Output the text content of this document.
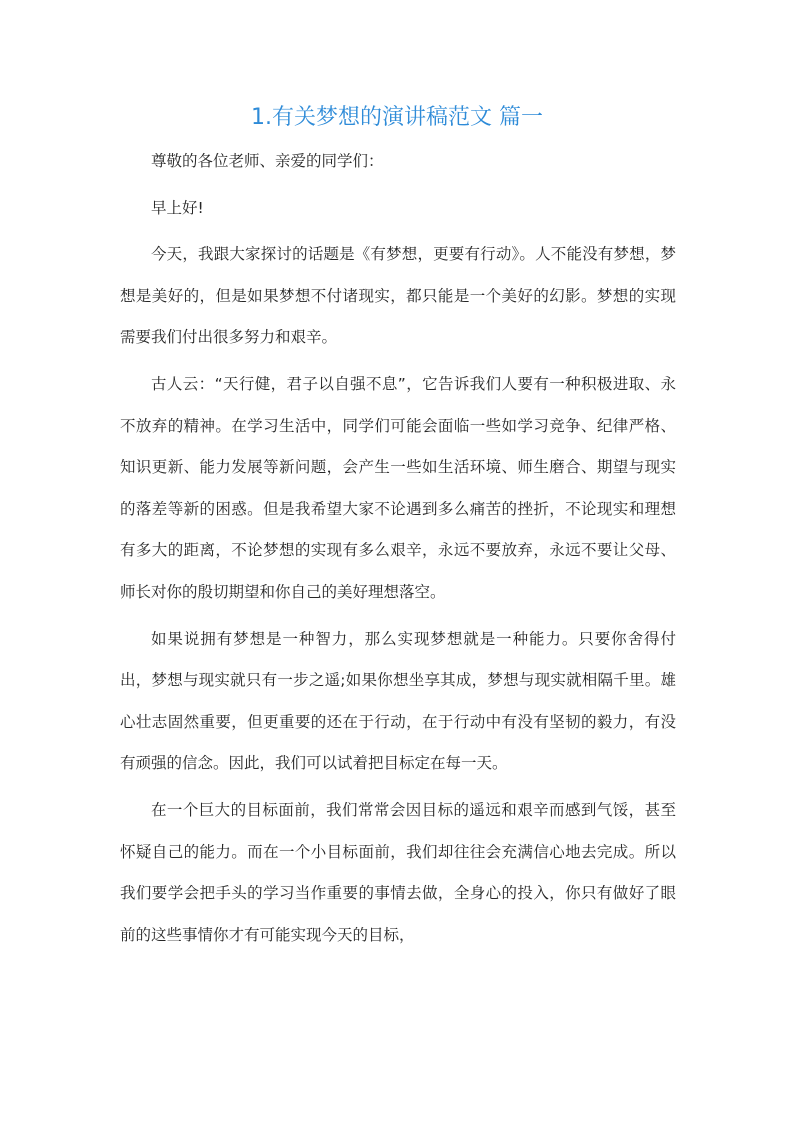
1.有关梦想的演讲稿范文 篇一

尊敬的各位老师、亲爱的同学们：

早上好!

今天，我跟大家探讨的话题是《有梦想，更要有行动》。人不能没有梦想，梦想是美好的，但是如果梦想不付诸现实，都只能是一个美好的幻影。梦想的实现需要我们付出很多努力和艰辛。

古人云：“天行健，君子以自强不息”，它告诉我们人要有一种积极进取、永不放弃的精神。在学习生活中，同学们可能会面临一些如学习竞争、纪律严格、知识更新、能力发展等新问题，会产生一些如生活环境、师生磨合、期望与现实的落差等新的困惑。但是我希望大家不论遇到多么痛苦的挫折，不论现实和理想有多大的距离，不论梦想的实现有多么艰辛，永远不要放弃，永远不要让父母、师长对你的殷切期望和你自己的美好理想落空。

如果说拥有梦想是一种智力，那么实现梦想就是一种能力。只要你舍得付出，梦想与现实就只有一步之遥;如果你想坐享其成，梦想与现实就相隔千里。雄心壮志固然重要，但更重要的还在于行动，在于行动中有没有坚韧的毅力，有没有顽强的信念。因此，我们可以试着把目标定在每一天。

在一个巨大的目标面前，我们常常会因目标的遥远和艰辛而感到气馁，甚至怀疑自己的能力。而在一个小目标面前，我们却往往会充满信心地去完成。所以我们要学会把手头的学习当作重要的事情去做，全身心的投入，你只有做好了眼前的这些事情你才有可能实现今天的目标，
